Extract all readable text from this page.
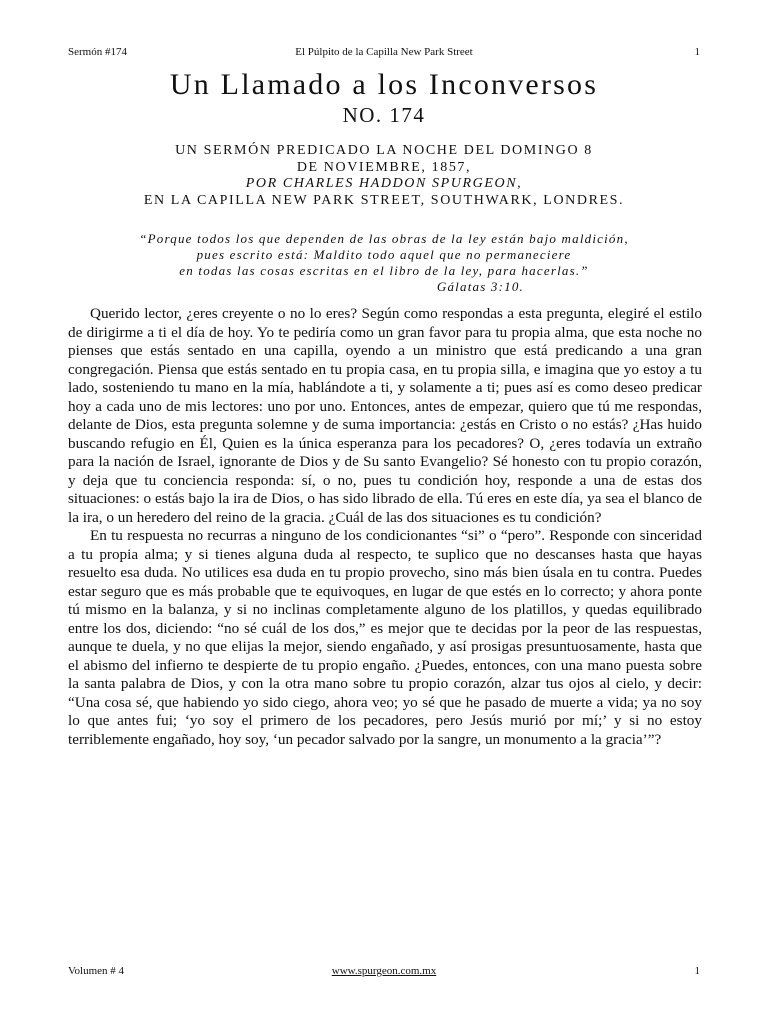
Sermón #174	El Púlpito de la Capilla New Park Street	1
Un Llamado a los Inconversos
NO. 174
UN SERMÓN PREDICADO LA NOCHE DEL DOMINGO 8
DE NOVIEMBRE, 1857,
POR CHARLES HADDON SPURGEON,
EN LA CAPILLA NEW PARK STREET, SOUTHWARK, LONDRES.
“Porque todos los que dependen de las obras de la ley están bajo maldición,
pues escrito está: Maldito todo aquel que no permaneciere
en todas las cosas escritas en el libro de la ley, para hacerlas.”
Gálatas 3:10.

Querido lector, ¿eres creyente o no lo eres? Según como respondas a esta pregunta, elegiré el estilo de dirigirme a ti el día de hoy. Yo te pediría como un gran favor para tu propia alma, que esta noche no pienses que estás sentado en una capilla, oyendo a un ministro que está predicando a una gran congregación. Piensa que estás sentado en tu propia casa, en tu propia silla, e imagina que yo estoy a tu lado, sosteniendo tu mano en la mía, hablándote a ti, y solamente a ti; pues así es como deseo predicar hoy a cada uno de mis lectores: uno por uno. Entonces, antes de empezar, quiero que tú me respondas, delante de Dios, esta pregunta solemne y de suma importancia: ¿estás en Cristo o no estás? ¿Has huido buscando refugio en Él, Quien es la única esperanza para los pecadores? O, ¿eres todavía un extraño para la nación de Israel, ignorante de Dios y de Su santo Evangelio? Sé honesto con tu propio corazón, y deja que tu conciencia responda: sí, o no, pues tu condición hoy, responde a una de estas dos situaciones: o estás bajo la ira de Dios, o has sido librado de ella. Tú eres en este día, ya sea el blanco de la ira, o un heredero del reino de la gracia. ¿Cuál de las dos situaciones es tu condición?

En tu respuesta no recurras a ninguno de los condicionantes “si” o “pero”. Responde con sinceridad a tu propia alma; y si tienes alguna duda al respecto, te suplico que no descanses hasta que hayas resuelto esa duda. No utilices esa duda en tu propio provecho, sino más bien úsala en tu contra. Puedes estar seguro que es más probable que te equivoques, en lugar de que estés en lo correcto; y ahora ponte tú mismo en la balanza, y si no inclinas completamente alguno de los platillos, y quedas equilibrado entre los dos, diciendo: “no sé cuál de los dos,” es mejor que te decidas por la peor de las respuestas, aunque te duela, y no que elijas la mejor, siendo engañado, y así prosigas presuntuosamente, hasta que el abismo del infierno te despierte de tu propio engaño. ¿Puedes, entonces, con una mano puesta sobre la santa palabra de Dios, y con la otra mano sobre tu propio corazón, alzar tus ojos al cielo, y decir: “Una cosa sé, que habiendo yo sido ciego, ahora veo; yo sé que he pasado de muerte a vida; ya no soy lo que antes fui; ‘yo soy el primero de los pecadores, pero Jesús murió por mí;’ y si no estoy terriblemente engañado, hoy soy, ‘un pecador salvado por la sangre, un monumento a la gracia’”?

Volumen # 4	www.spurgeon.com.mx	1
